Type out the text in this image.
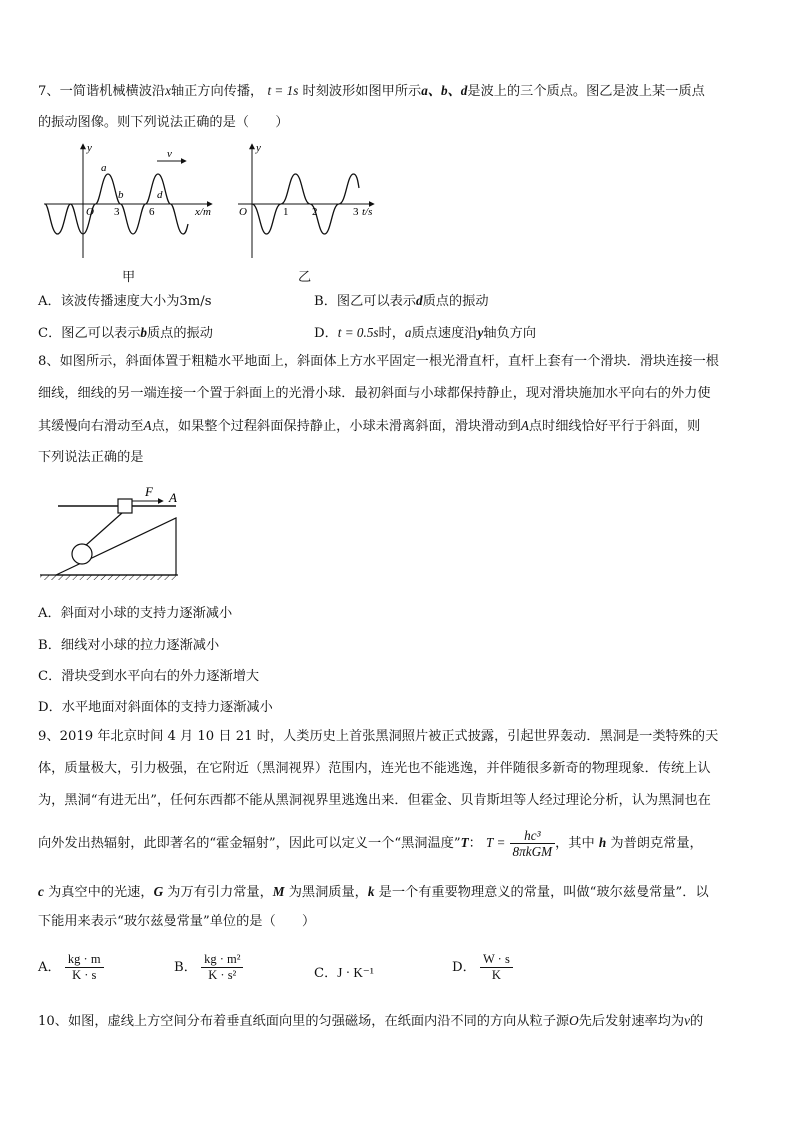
7、一简谐机械横波沿x轴正方向传播， t = 1s 时刻波形如图甲所示a、b、d是波上的三个质点。图乙是波上某一质点
的振动图像。则下列说法正确的是（　　）
v
y
a
b	d
O 3	6	x/m
y
O	1 2	3 t/s
甲	乙
A．该波传播速度大小为3m/s	B．图乙可以表示d质点的振动
C．图乙可以表示b质点的振动	D．t = 0.5s时，a质点速度沿y轴负方向
8、如图所示，斜面体置于粗糙水平地面上，斜面体上方水平固定一根光滑直杆，直杆上套有一个滑块．滑块连接一根
细线，细线的另一端连接一个置于斜面上的光滑小球．最初斜面与小球都保持静止，现对滑块施加水平向右的外力使
其缓慢向右滑动至A点，如果整个过程斜面保持静止，小球未滑离斜面，滑块滑动到A点时细线恰好平行于斜面，则
下列说法正确的是
F A
A．斜面对小球的支持力逐渐减小
B．细线对小球的拉力逐渐减小
C．滑块受到水平向右的外力逐渐增大
D．水平地面对斜面体的支持力逐渐减小
9、2019 年北京时间 4 月 10 日 21 时，人类历史上首张黑洞照片被正式披露，引起世界轰动．黑洞是一类特殊的天
体，质量极大，引力极强，在它附近（黑洞视界）范围内，连光也不能逃逸，并伴随很多新奇的物理现象．传统上认
为，黑洞“有进无出”，任何东西都不能从黑洞视界里逃逸出来．但霍金、贝肯斯坦等人经过理论分析，认为黑洞也在
向外发出热辐射，此即著名的“霍金辐射”，因此可以定义一个“黑洞温度”T： $T = \frac{\text{hc³}}{\text{8πkGM}}$ ，其中 h 为普朗克常量，
c 为真空中的光速，G 为万有引力常量，M 为黑洞质量，k 是一个有重要物理意义的常量，叫做“玻尔兹曼常量”．以
下能用来表示“玻尔兹曼常量”单位的是（　　）
A． $\frac{kg \cdot m}{K \cdot s}$	B． $\frac{\text{kg · m²}}{\text{K · s²}}$	C．J · K⁻¹	D． $\frac{W \cdot s}{K}$
10、如图，虚线上方空间分布着垂直纸面向里的匀强磁场，在纸面内沿不同的方向从粒子源O先后发射速率均为v的
